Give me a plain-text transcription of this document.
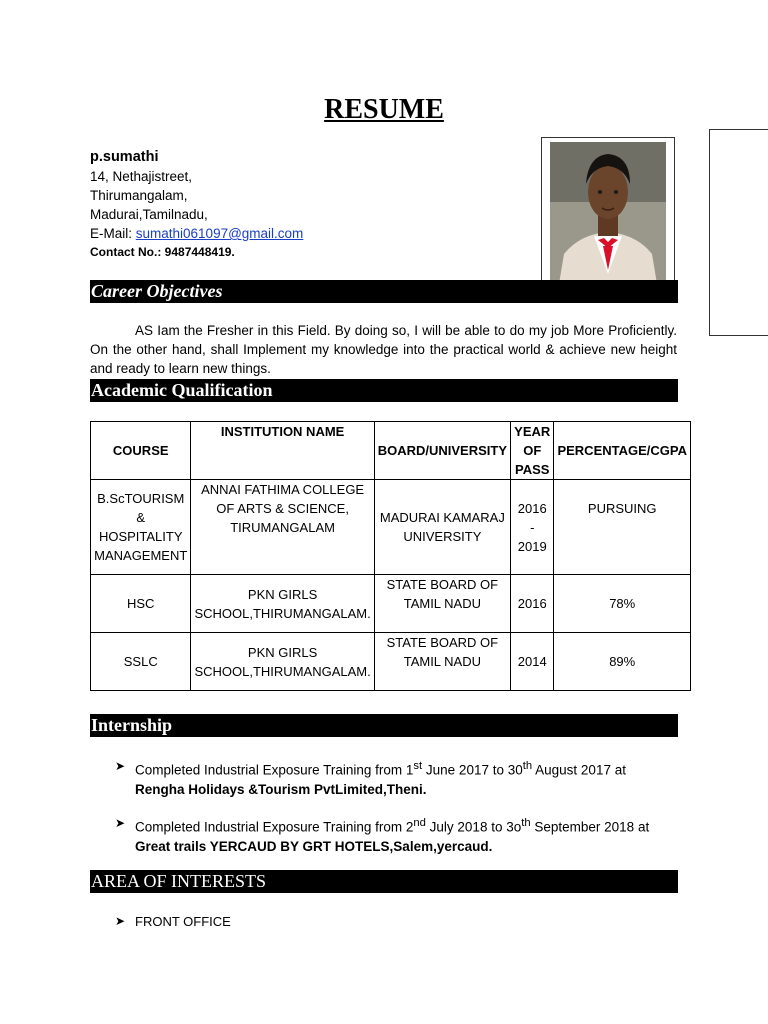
RESUME
p.sumathi
14, Nethajistreet,
Thirumangalam,
Madurai,Tamilnadu,
E-Mail: sumathi061097@gmail.com
Contact No.: 9487448419.
Career Objectives
AS Iam the Fresher in this Field. By doing so, I will be able to do my job More Proficiently. On the other hand, shall Implement my knowledge into the practical world & achieve new height and ready to learn new things.
Academic Qualification
COURSE	INSTITUTION NAME	BOARD/UNIVERSITY	YEAR OF PASS	PERCENTAGE/CGPA
B.ScTOURISM & HOSPITALITY MANAGEMENT	ANNAI FATHIMA COLLEGE OF ARTS & SCIENCE, TIRUMANGALAM	MADURAI KAMARAJ UNIVERSITY	2016 - 2019	PURSUING
HSC	PKN GIRLS SCHOOL,THIRUMANGALAM.	STATE BOARD OF TAMIL NADU	2016	78%
SSLC	PKN GIRLS SCHOOL,THIRUMANGALAM.	STATE BOARD OF TAMIL NADU	2014	89%
Internship
➤ Completed Industrial Exposure Training from 1st June 2017 to 30th August 2017 at
Rengha Holidays &Tourism PvtLimited,Theni.
➤ Completed Industrial Exposure Training from 2nd July 2018 to $3o^{th}$ September 2018 at
Great trails YERCAUD BY GRT HOTELS,Salem,yercaud.
AREA OF INTERESTS
➤ FRONT OFFICE
